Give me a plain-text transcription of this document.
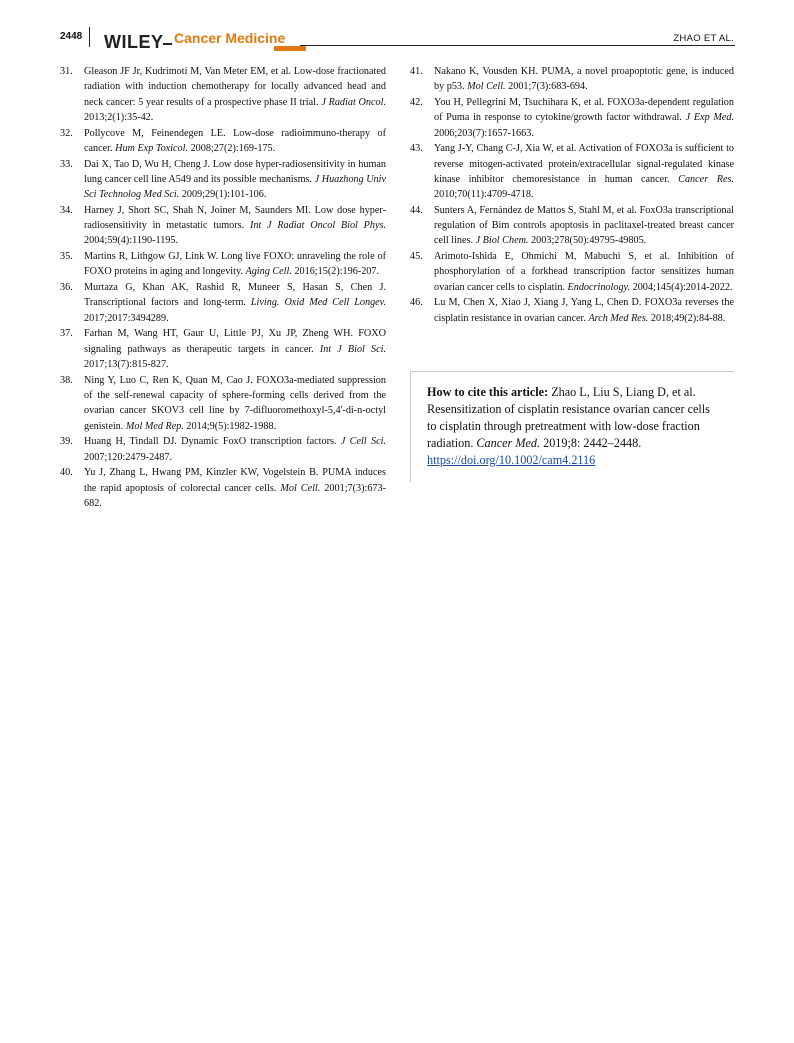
2448 WILEY Cancer Medicine	ZHAO ET AL.
31. Gleason JF Jr, Kudrimoti M, Van Meter EM, et al. Low-dose fractionated radiation with induction chemotherapy for locally advanced head and neck cancer: 5 year results of a prospective phase II trial. J Radiat Oncol. 2013;2(1):35-42.
32. Pollycove M, Feinendegen LE. Low-dose radioimmuno-therapy of cancer. Hum Exp Toxicol. 2008;27(2):169-175.
33. Dai X, Tao D, Wu H, Cheng J. Low dose hyper-radiosensitivity in human lung cancer cell line A549 and its possible mechanisms. J Huazhong Univ Sci Technolog Med Sci. 2009;29(1):101-106.
34. Harney J, Short SC, Shah N, Joiner M, Saunders MI. Low dose hyper-radiosensitivity in metastatic tumors. Int J Radiat Oncol Biol Phys. 2004;59(4):1190-1195.
35. Martins R, Lithgow GJ, Link W. Long live FOXO: unraveling the role of FOXO proteins in aging and longevity. Aging Cell. 2016;15(2):196-207.
36. Murtaza G, Khan AK, Rashid R, Muneer S, Hasan S, Chen J. Transcriptional factors and long-term. Living. Oxid Med Cell Longev. 2017;2017:3494289.
37. Farhan M, Wang HT, Gaur U, Little PJ, Xu JP, Zheng WH. FOXO signaling pathways as therapeutic targets in cancer. Int J Biol Sci. 2017;13(7):815-827.
38. Ning Y, Luo C, Ren K, Quan M, Cao J. FOXO3a-mediated suppression of the self-renewal capacity of sphere-forming cells derived from the ovarian cancer SKOV3 cell line by 7-difluoromethoxyl-5,4'-di-n-octyl genistein. Mol Med Rep. 2014;9(5):1982-1988.
39. Huang H, Tindall DJ. Dynamic FoxO transcription factors. J Cell Sci. 2007;120:2479-2487.
40. Yu J, Zhang L, Hwang PM, Kinzler KW, Vogelstein B. PUMA induces the rapid apoptosis of colorectal cancer cells. Mol Cell. 2001;7(3):673-682.
41. Nakano K, Vousden KH. PUMA, a novel proapoptotic gene, is induced by p53. Mol Cell. 2001;7(3):683-694.
42. You H, Pellegrini M, Tsuchihara K, et al. FOXO3a-dependent regulation of Puma in response to cytokine/growth factor withdrawal. J Exp Med. 2006;203(7):1657-1663.
43. Yang J-Y, Chang C-J, Xia W, et al. Activation of FOXO3a is sufficient to reverse mitogen-activated protein/extracellular signal-regulated kinase kinase inhibitor chemoresistance in human cancer. Cancer Res. 2010;70(11):4709-4718.
44. Sunters A, Fernández de Mattos S, Stahl M, et al. FoxO3a transcriptional regulation of Bim controls apoptosis in paclitaxel-treated breast cancer cell lines. J Biol Chem. 2003;278(50):49795-49805.
45. Arimoto-Ishida E, Ohmichi M, Mabuchi S, et al. Inhibition of phosphorylation of a forkhead transcription factor sensitizes human ovarian cancer cells to cisplatin. Endocrinology. 2004;145(4):2014-2022.
46. Lu M, Chen X, Xiao J, Xiang J, Yang L, Chen D. FOXO3a reverses the cisplatin resistance in ovarian cancer. Arch Med Res. 2018;49(2):84-88.
How to cite this article: Zhao L, Liu S, Liang D, et al. Resensitization of cisplatin resistance ovarian cancer cells to cisplatin through pretreatment with low-dose fraction radiation. Cancer Med. 2019;8: 2442–2448. https://doi.org/10.1002/cam4.2116
